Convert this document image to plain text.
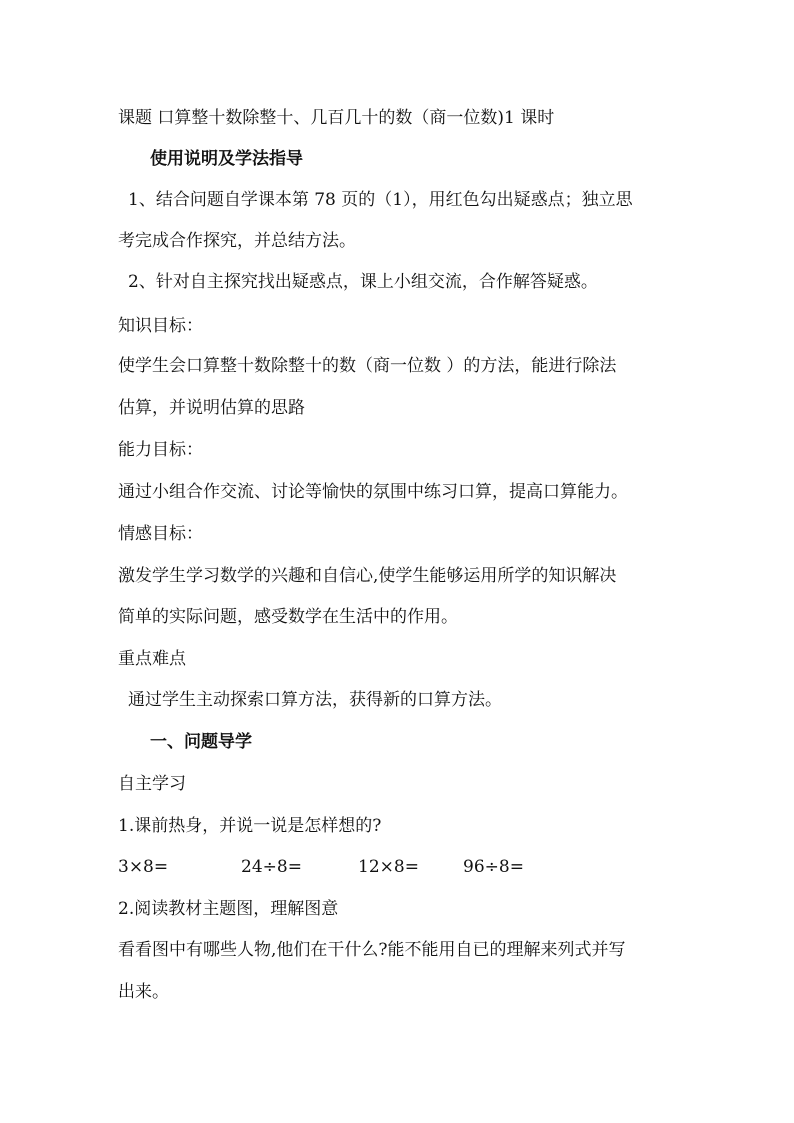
课题 口算整十数除整十、几百几十的数（商一位数)1 课时
使用说明及学法指导
1、结合问题自学课本第 78 页的（1），用红色勾出疑惑点；独立思
考完成合作探究，并总结方法。
2、针对自主探究找出疑惑点，课上小组交流，合作解答疑惑。
知识目标：
使学生会口算整十数除整十的数（商一位数 ）的方法，能进行除法
估算，并说明估算的思路
能力目标：
通过小组合作交流、讨论等愉快的氛围中练习口算，提高口算能力。
情感目标：
激发学生学习数学的兴趣和自信心,使学生能够运用所学的知识解决
简单的实际问题，感受数学在生活中的作用。
重点难点
通过学生主动探索口算方法，获得新的口算方法。
一、问题导学
自主学习
1.课前热身，并说一说是怎样想的?
3×8=	24÷8=	12×8=	96÷8=
2.阅读教材主题图，理解图意
看看图中有哪些人物,他们在干什么?能不能用自已的理解来列式并写
出来。
